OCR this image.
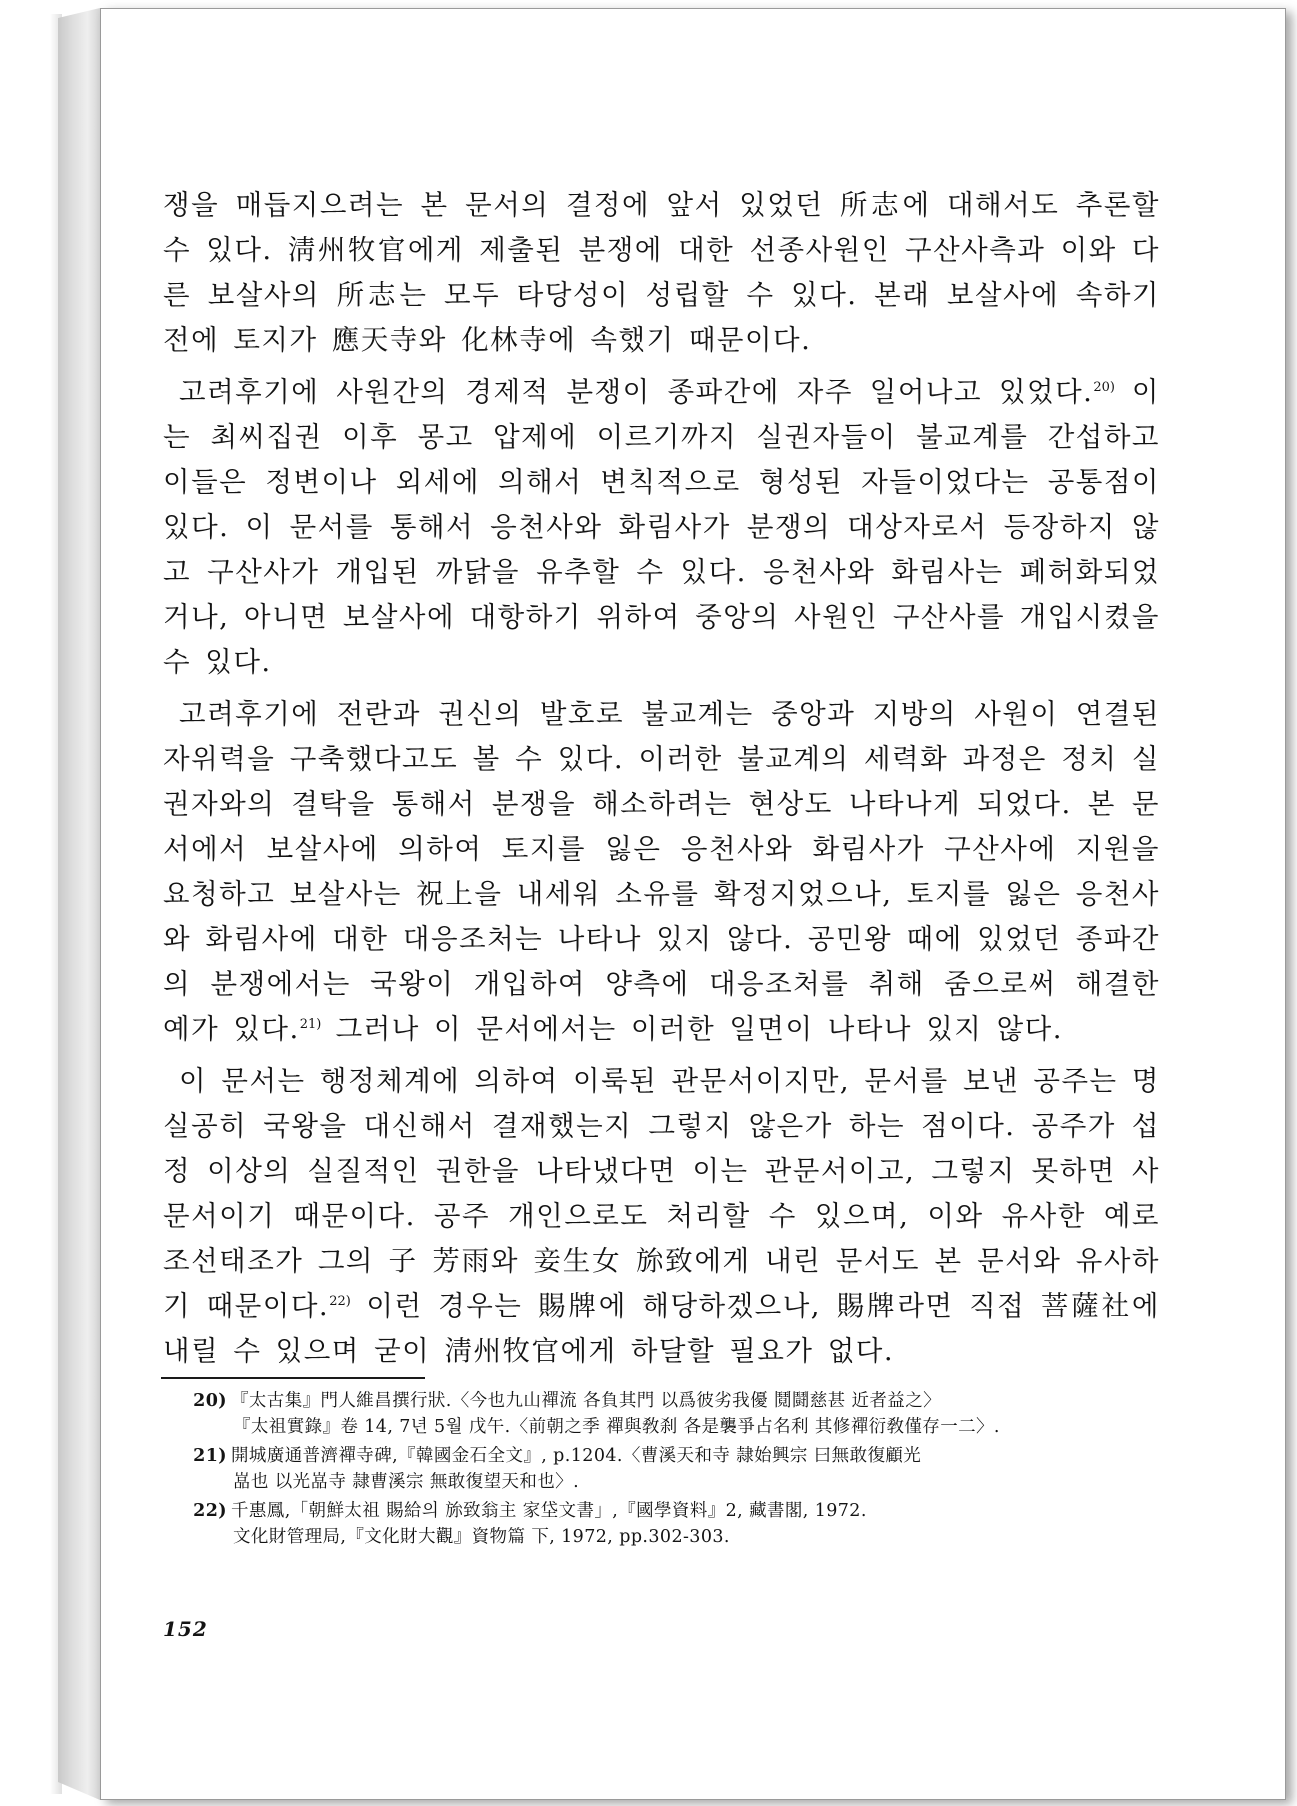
쟁을 매듭지으려는 본 문서의 결정에 앞서 있었던 所志에 대해서도 추론할 수 있다. 淸州牧官에게 제출된 분쟁에 대한 선종사원인 구산사측과 이와 다른 보살사의 所志는 모두 타당성이 성립할 수 있다. 본래 보살사에 속하기 전에 토지가 應天寺와 化林寺에 속했기 때문이다.

고려후기에 사원간의 경제적 분쟁이 종파간에 자주 일어나고 있었다.$^{20)}$ 이는 최씨집권 이후 몽고 압제에 이르기까지 실권자들이 불교계를 간섭하고 이들은 정변이나 외세에 의해서 변칙적으로 형성된 자들이었다는 공통점이 있다. 이 문서를 통해서 응천사와 화림사가 분쟁의 대상자로서 등장하지 않고 구산사가 개입된 까닭을 유추할 수 있다. 응천사와 화림사는 폐허화되었거나, 아니면 보살사에 대항하기 위하여 중앙의 사원인 구산사를 개입시켰을 수 있다.

고려후기에 전란과 권신의 발호로 불교계는 중앙과 지방의 사원이 연결된 자위력을 구축했다고도 볼 수 있다. 이러한 불교계의 세력화 과정은 정치 실권자와의 결탁을 통해서 분쟁을 해소하려는 현상도 나타나게 되었다. 본 문서에서 보살사에 의하여 토지를 잃은 응천사와 화림사가 구산사에 지원을 요청하고 보살사는 祝上을 내세워 소유를 확정지었으나, 토지를 잃은 응천사와 화림사에 대한 대응조처는 나타나 있지 않다. 공민왕 때에 있었던 종파간의 분쟁에서는 국왕이 개입하여 양측에 대응조처를 취해 줌으로써 해결한 예가 있다.$^{21)}$ 그러나 이 문서에서는 이러한 일면이 나타나 있지 않다.

이 문서는 행정체계에 의하여 이룩된 관문서이지만, 문서를 보낸 공주는 명실공히 국왕을 대신해서 결재했는지 그렇지 않은가 하는 점이다. 공주가 섭정 이상의 실질적인 권한을 나타냈다면 이는 관문서이고, 그렇지 못하면 사문서이기 때문이다. 공주 개인으로도 처리할 수 있으며, 이와 유사한 예로 조선태조가 그의 子 芳雨와 妾生女 旀致에게 내린 문서도 본 문서와 유사하기 때문이다.$^{22)}$ 이런 경우는 賜牌에 해당하겠으나, 賜牌라면 직접 菩薩社에 내릴 수 있으며 굳이 淸州牧官에게 하달할 필요가 없다.

20) 『太古集』門人維昌撰行狀.〈今也九山禪流 各負其門 以爲彼劣我優 鬩鬪慈甚 近者益之〉
『太祖實錄』卷 14, 7년 5월 戊午.〈前朝之季 禪與敎刹 各是襲爭占名利 其修禪衍敎僅存一二〉.
21) 開城廣通普濟禪寺碑,『韓國金石全文』, p.1204.〈曹溪天和寺 隷始興宗 曰無敢復顧光
嵓也 以光嵓寺 隷曹溪宗 無敢復望天和也〉.
22) 千惠鳳,「朝鮮太祖 賜給의 旀致翁主 家垈文書」,『國學資料』2, 藏書閣, 1972.
文化財管理局,『文化財大觀』資物篇 下, 1972, pp.302-303.
152
